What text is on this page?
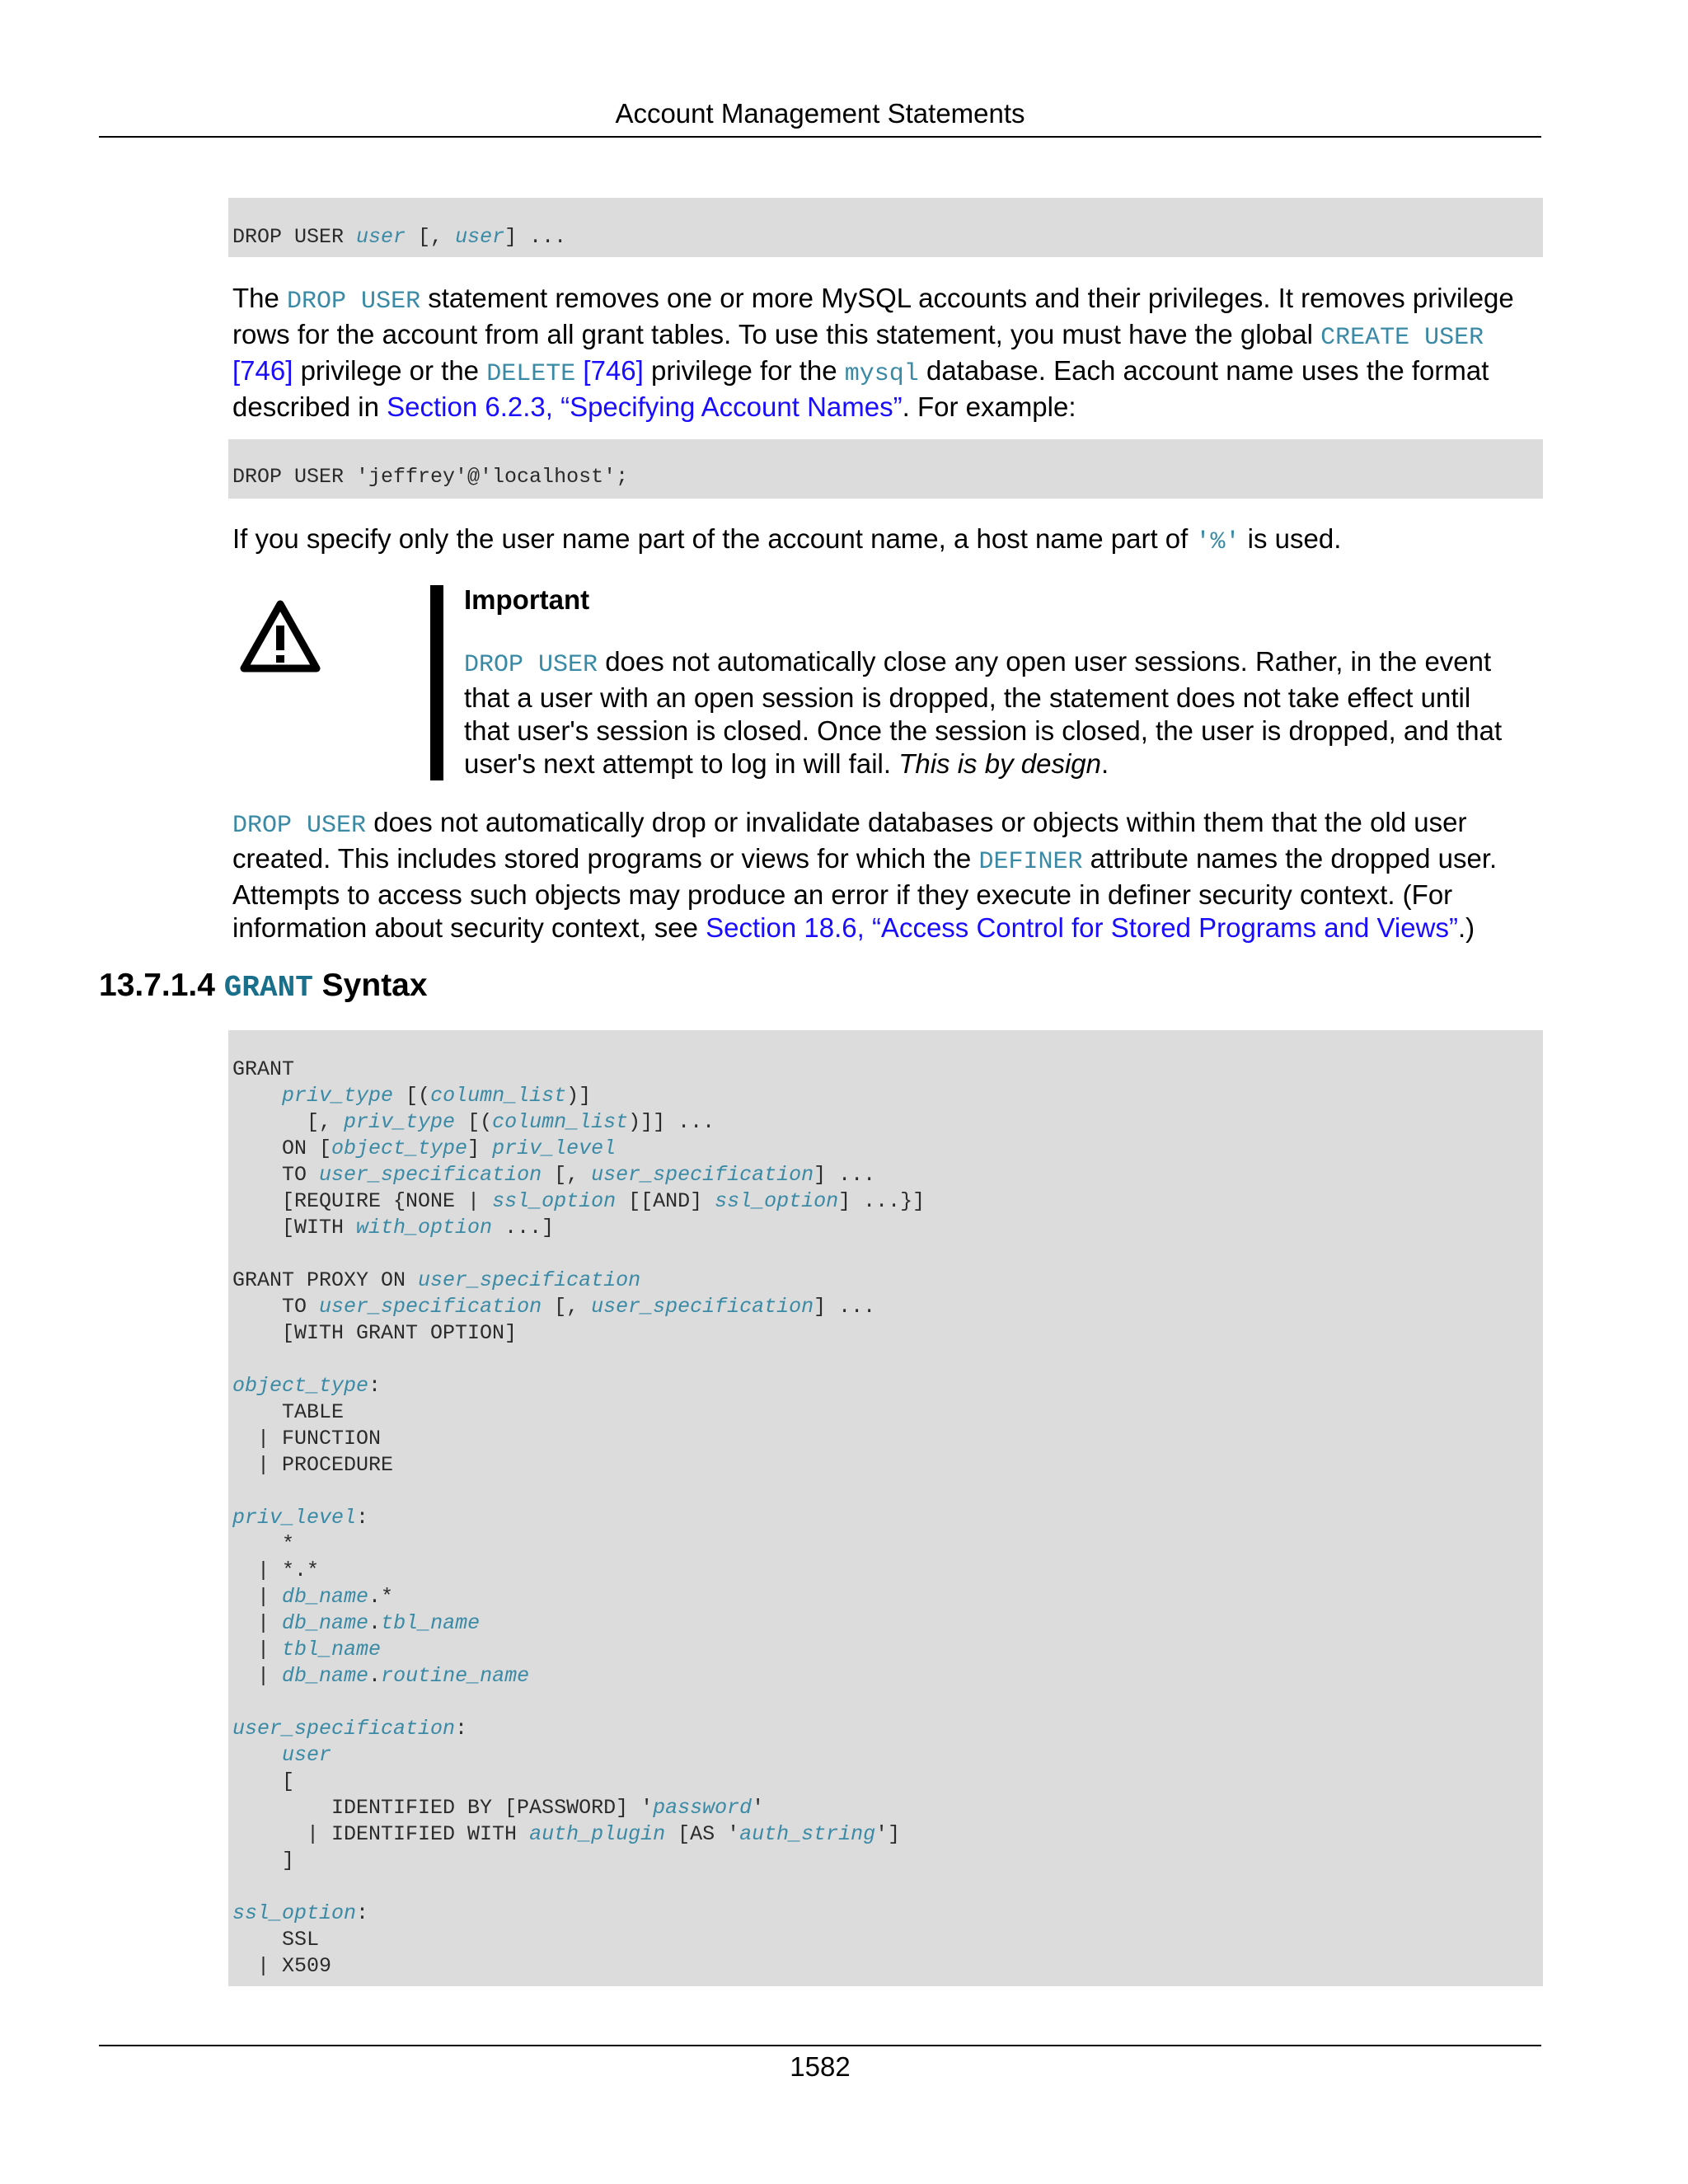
Account Management Statements
DROP USER user [, user] ...
The DROP USER statement removes one or more MySQL accounts and their privileges. It removes privilege rows for the account from all grant tables. To use this statement, you must have the global CREATE USER [746] privilege or the DELETE [746] privilege for the mysql database. Each account name uses the format described in Section 6.2.3, “Specifying Account Names”. For example:
DROP USER 'jeffrey'@'localhost';
If you specify only the user name part of the account name, a host name part of '%' is used.
Important
DROP USER does not automatically close any open user sessions. Rather, in the event that a user with an open session is dropped, the statement does not take effect until that user's session is closed. Once the session is closed, the user is dropped, and that user's next attempt to log in will fail. This is by design.
DROP USER does not automatically drop or invalidate databases or objects within them that the old user created. This includes stored programs or views for which the DEFINER attribute names the dropped user. Attempts to access such objects may produce an error if they execute in definer security context. (For information about security context, see Section 18.6, “Access Control for Stored Programs and Views”.)
13.7.1.4 GRANT Syntax
GRANT
priv_type [(column_list)]
[, priv_type [(column_list)]] ...
ON [object_type] priv_level
TO user_specification [, user_specification] ...
[REQUIRE {NONE | ssl_option [[AND] ssl_option] ...}]
[WITH with_option ...]
GRANT PROXY ON user_specification
TO user_specification [, user_specification] ...
[WITH GRANT OPTION]
object_type:
TABLE
| FUNCTION
| PROCEDURE
priv_level:
*
| *.*
| db_name.*
| db_name.tbl_name
| tbl_name
| db_name.routine_name
user_specification:
user
[
IDENTIFIED BY [PASSWORD] 'password'
| IDENTIFIED WITH auth_plugin [AS 'auth_string']
]
ssl_option:
SSL
| X509
1582
